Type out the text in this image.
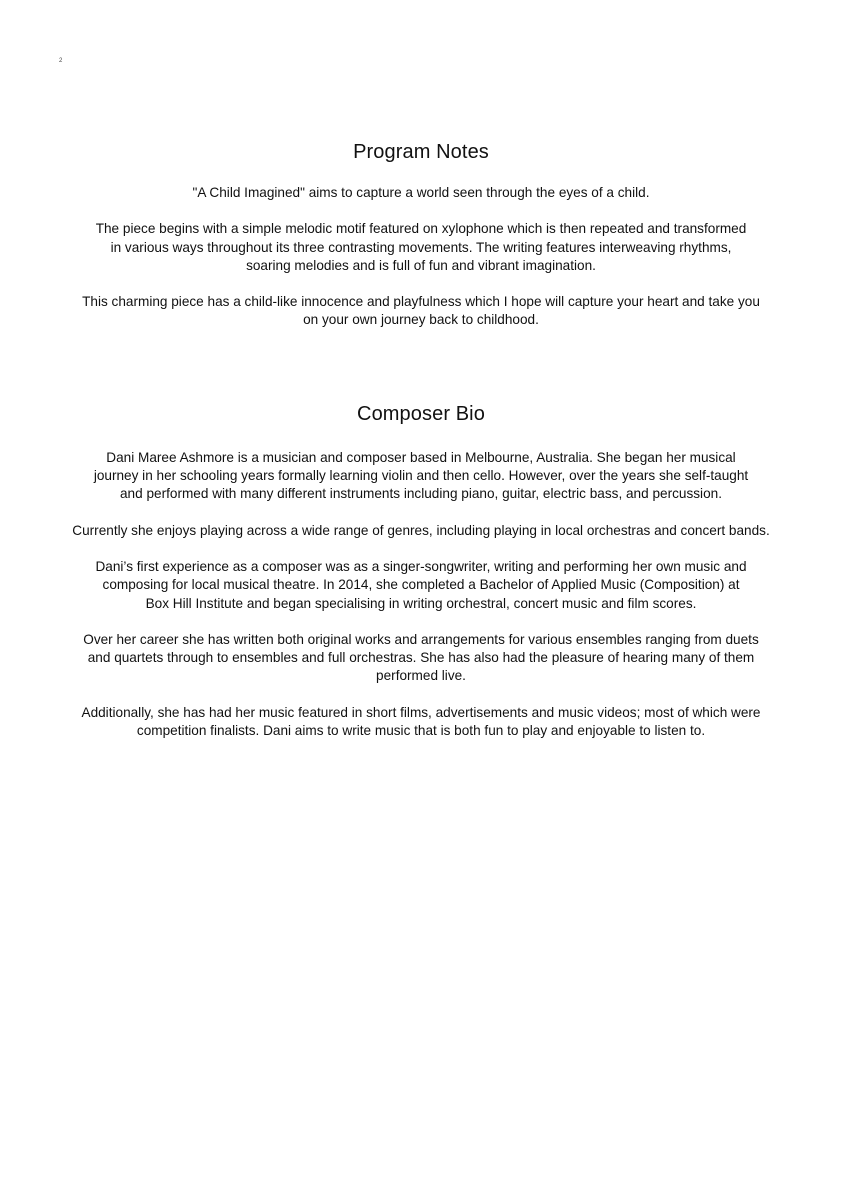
2
Program Notes

"A Child Imagined" aims to capture a world seen through the eyes of a child.

The piece begins with a simple melodic motif featured on xylophone which is then repeated and transformed
in various ways throughout its three contrasting movements. The writing features interweaving rhythms,
soaring melodies and is full of fun and vibrant imagination.

This charming piece has a child-like innocence and playfulness which I hope will capture your heart and take you
on your own journey back to childhood.

Composer Bio

Dani Maree Ashmore is a musician and composer based in Melbourne, Australia. She began her musical
journey in her schooling years formally learning violin and then cello. However, over the years she self-taught
and performed with many different instruments including piano, guitar, electric bass, and percussion.

Currently she enjoys playing across a wide range of genres, including playing in local orchestras and concert bands.

Dani’s first experience as a composer was as a singer-songwriter, writing and performing her own music and
composing for local musical theatre. In 2014, she completed a Bachelor of Applied Music (Composition) at
Box Hill Institute and began specialising in writing orchestral, concert music and film scores.

Over her career she has written both original works and arrangements for various ensembles ranging from duets
and quartets through to ensembles and full orchestras. She has also had the pleasure of hearing many of them
performed live.

Additionally, she has had her music featured in short films, advertisements and music videos; most of which were
competition finalists. Dani aims to write music that is both fun to play and enjoyable to listen to.
